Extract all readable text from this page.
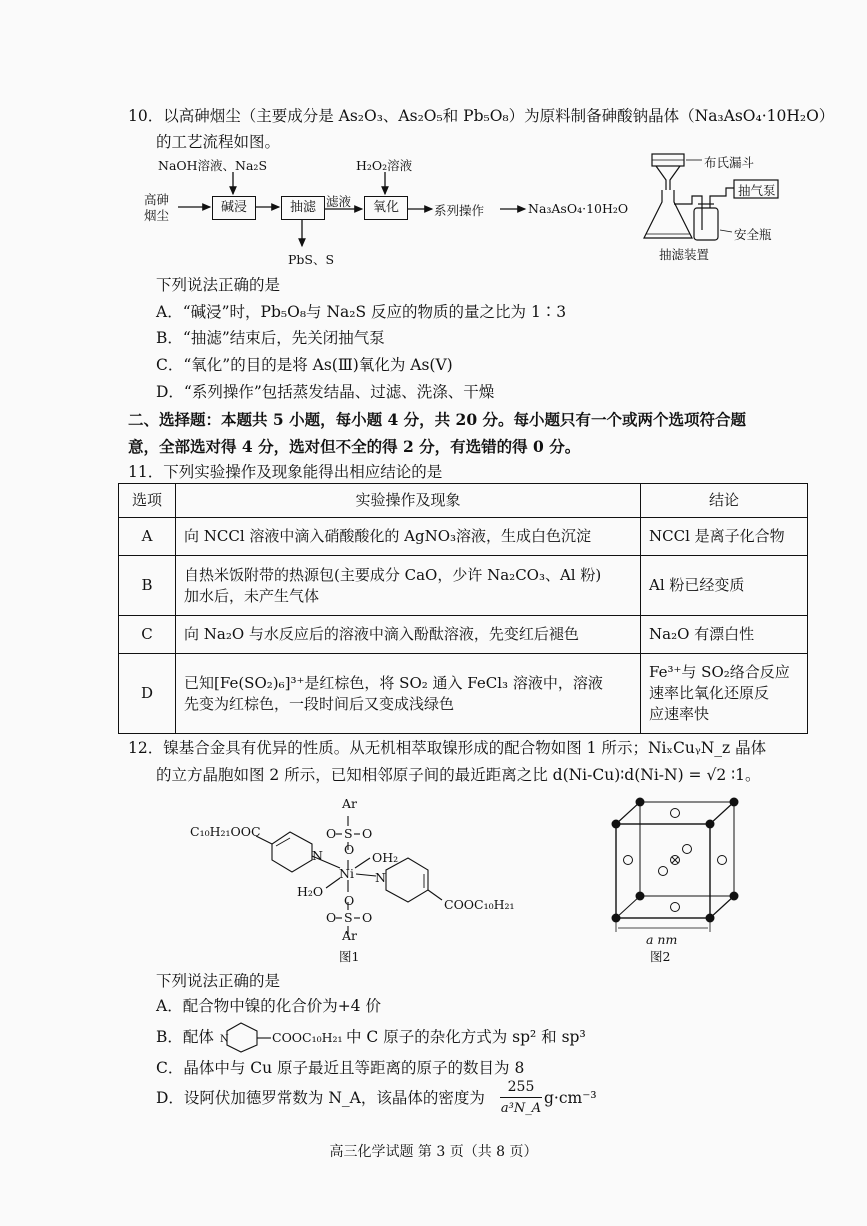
10．以高砷烟尘（主要成分是 As₂O₃、As₂O₅和 Pb₅O₈）为原料制备砷酸钠晶体（Na₃AsO₄·10H₂O）
的工艺流程如图。
NaOH溶液、Na₂S	H₂O₂溶液
高砷
烟尘
碱浸	抽滤 滤液	氧化	系列操作	Na₃AsO₄·10H₂O
PbS、S
布氏漏斗
抽气泵
安全瓶
抽滤装置
下列说法正确的是
A．“碱浸”时，Pb₅O₈与 Na₂S 反应的物质的量之比为 1∶3
B．“抽滤”结束后，先关闭抽气泵
C．“氧化”的目的是将 As(Ⅲ)氧化为 As(Ⅴ)
D．“系列操作”包括蒸发结晶、过滤、洗涤、干燥
二、选择题：本题共 5 小题，每小题 4 分，共 20 分。每小题只有一个或两个选项符合题
意，全部选对得 4 分，选对但不全的得 2 分，有选错的得 0 分。
11．下列实验操作及现象能得出相应结论的是
选项	实验操作及现象	结论
A	向 NCCl 溶液中滴入硝酸酸化的 AgNO₃溶液，生成白色沉淀	NCCl 是离子化合物
B	自热米饭附带的热源包(主要成分 CaO，少许 Na₂CO₃、Al 粉)
加水后，未产生气体	Al 粉已经变质
C	向 Na₂O 与水反应后的溶液中滴入酚酞溶液，先变红后褪色	Na₂O 有漂白性
D	已知[Fe(SO₂)₆]³⁺是红棕色，将 SO₂ 通入 FeCl₃ 溶液中，溶液
先变为红棕色，一段时间后又变成浅绿色	Fe³⁺与 SO₂络合反应
速率比氧化还原反
应速率快
12．镍基合金具有优异的性质。从无机相萃取镍形成的配合物如图 1 所示；NiₓCuᵧN_z 晶体
的立方晶胞如图 2 所示，已知相邻原子间的最近距离之比 d(Ni-Cu)∶d(Ni-N) = √2 ∶1。
Ar
S
O O
O
C₁₀H₂₁OOC
N	OH₂
Ni N
H₂O
COOC₁₀H₂₁
O
O S O
Ar
图1
a nm
图2
下列说法正确的是
A．配合物中镍的化合价为+4 价
B．配体 N	COOC₁₀H₂₁ 中 C 原子的杂化方式为 sp² 和 sp³
C．晶体中与 Cu 原子最近且等距离的原子的数目为 8
D．设阿伏加德罗常数为 N_A，该晶体的密度为
255
a³N_A
g·cm⁻³
高三化学试题 第 3 页（共 8 页）
